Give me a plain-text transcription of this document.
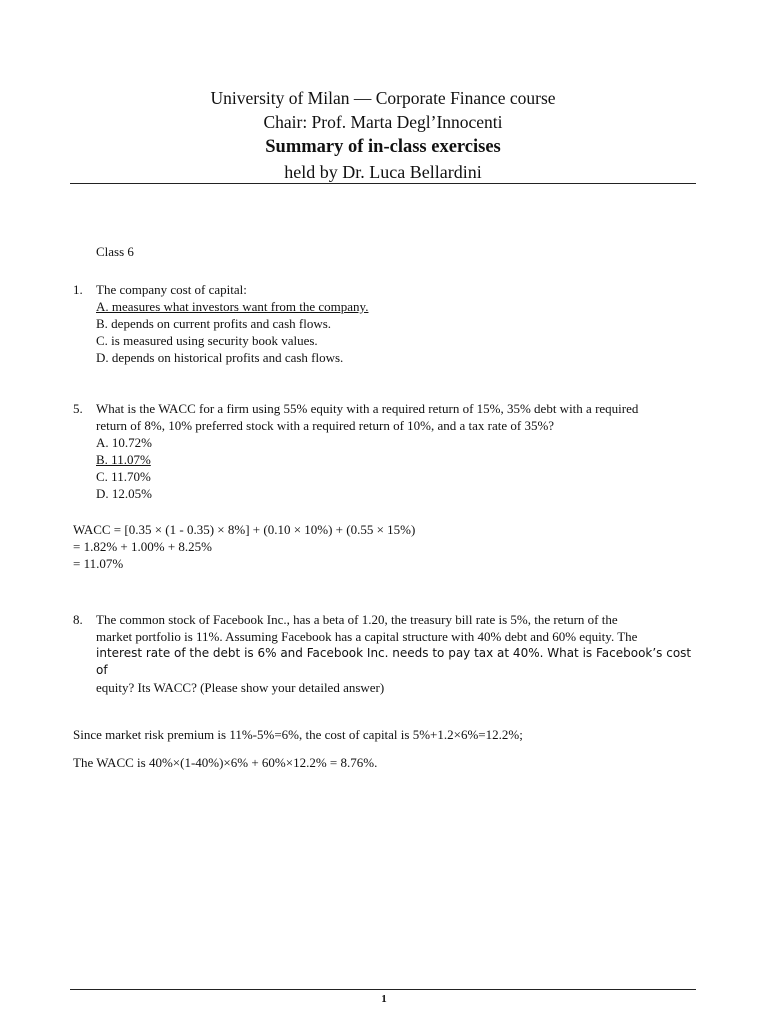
University of Milan — Corporate Finance course
Chair: Prof. Marta Degl’Innocenti
Summary of in-class exercises
held by Dr. Luca Bellardini
Class 6
1. The company cost of capital:
A. measures what investors want from the company.
B. depends on current profits and cash flows.
C. is measured using security book values.
D. depends on historical profits and cash flows.
5. What is the WACC for a firm using 55% equity with a required return of 15%, 35% debt with a required
return of 8%, 10% preferred stock with a required return of 10%, and a tax rate of 35%?
A. 10.72%
B. 11.07%
C. 11.70%
D. 12.05%
WACC = [0.35 × (1 - 0.35) × 8%] + (0.10 × 10%) + (0.55 × 15%)
= 1.82% + 1.00% + 8.25%
= 11.07%
8. The common stock of Facebook Inc., has a beta of 1.20, the treasury bill rate is 5%, the return of the
market portfolio is 11%. Assuming Facebook has a capital structure with 40% debt and 60% equity. The
interest rate of the debt is 6% and Facebook Inc. needs to pay tax at 40%. What is Facebook’s cost of
equity? Its WACC? (Please show your detailed answer)
Since market risk premium is 11%-5%=6%, the cost of capital is 5%+1.2×6%=12.2%;
The WACC is 40%×(1-40%)×6% + 60%×12.2% = 8.76%.
1
